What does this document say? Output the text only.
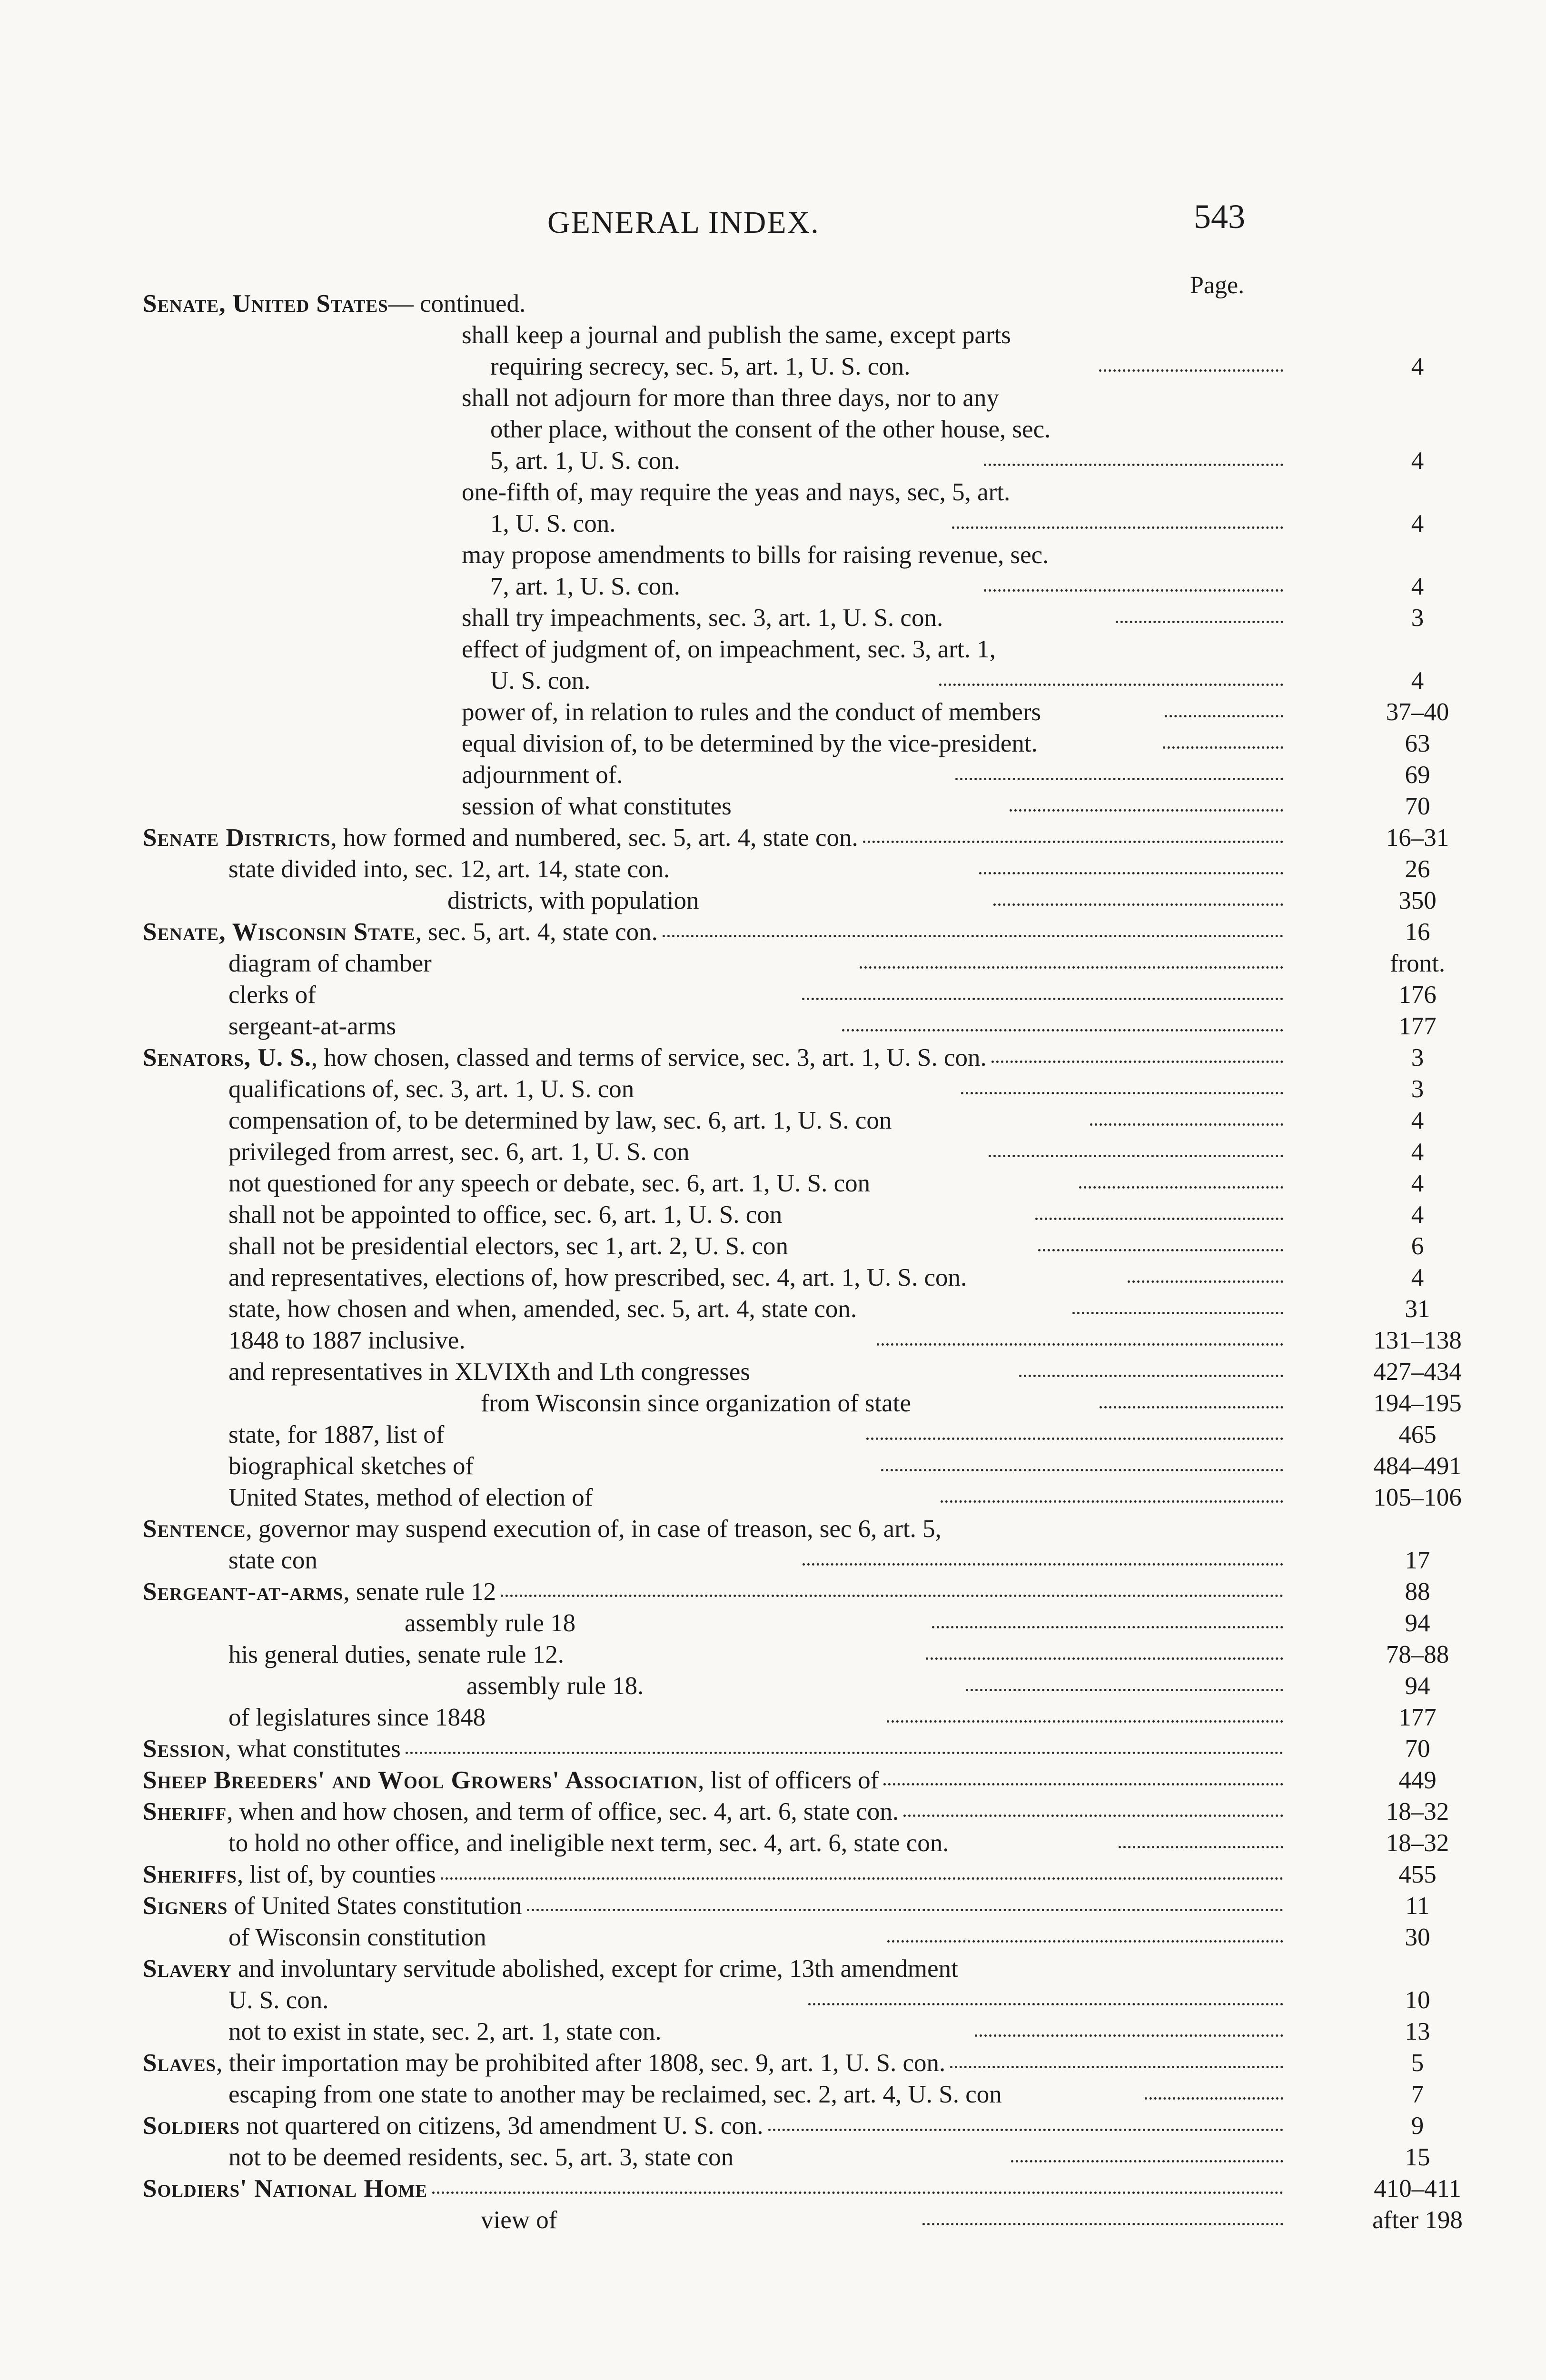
GENERAL INDEX.	543
Page.
Senate, United States— continued.
shall keep a journal and publish the same, except parts
requiring secrecy, sec. 5, art. 1, U. S. con.	4
shall not adjourn for more than three days, nor to any
other place, without the consent of the other house, sec.
5, art. 1, U. S. con.	4
one-fifth of, may require the yeas and nays, sec, 5, art.
1, U. S. con.	4
may propose amendments to bills for raising revenue, sec.
7, art. 1, U. S. con.	4
shall try impeachments, sec. 3, art. 1, U. S. con.	3
effect of judgment of, on impeachment, sec. 3, art. 1,
U. S. con.	4
power of, in relation to rules and the conduct of members	37–40
equal division of, to be determined by the vice-president.	63
adjournment of.	69
session of what constitutes	70
Senate Districts, how formed and numbered, sec. 5, art. 4, state con.	16–31
state divided into, sec. 12, art. 14, state con.	26
districts, with population	350
Senate, Wisconsin State, sec. 5, art. 4, state con.	16
diagram of chamber	front.
clerks of	176
sergeant-at-arms	177
Senators, U. S., how chosen, classed and terms of service, sec. 3, art. 1, U. S. con.	3
qualifications of, sec. 3, art. 1, U. S. con	3
compensation of, to be determined by law, sec. 6, art. 1, U. S. con	4
privileged from arrest, sec. 6, art. 1, U. S. con	4
not questioned for any speech or debate, sec. 6, art. 1, U. S. con	4
shall not be appointed to office, sec. 6, art. 1, U. S. con	4
shall not be presidential electors, sec 1, art. 2, U. S. con	6
and representatives, elections of, how prescribed, sec. 4, art. 1, U. S. con.	4
state, how chosen and when, amended, sec. 5, art. 4, state con.	31
1848 to 1887 inclusive.	131–138
and representatives in XLVIXth and Lth congresses	427–434
from Wisconsin since organization of state	194–195
state, for 1887, list of	465
biographical sketches of	484–491
United States, method of election of	105–106
Sentence, governor may suspend execution of, in case of treason, sec 6, art. 5,
state con	17
Sergeant-at-arms, senate rule 12	88
assembly rule 18	94
his general duties, senate rule 12.	78–88
assembly rule 18.	94
of legislatures since 1848	177
Session, what constitutes	70
Sheep Breeders' and Wool Growers' Association, list of officers of	449
Sheriff, when and how chosen, and term of office, sec. 4, art. 6, state con.	18–32
to hold no other office, and ineligible next term, sec. 4, art. 6, state con.	18–32
Sheriffs, list of, by counties	455
Signers of United States constitution	11
of Wisconsin constitution	30
Slavery and involuntary servitude abolished, except for crime, 13th amendment
U. S. con.	10
not to exist in state, sec. 2, art. 1, state con.	13
Slaves, their importation may be prohibited after 1808, sec. 9, art. 1, U. S. con.	5
escaping from one state to another may be reclaimed, sec. 2, art. 4, U. S. con	7
Soldiers not quartered on citizens, 3d amendment U. S. con.	9
not to be deemed residents, sec. 5, art. 3, state con	15
Soldiers' National Home	410–411
view of	after 198
